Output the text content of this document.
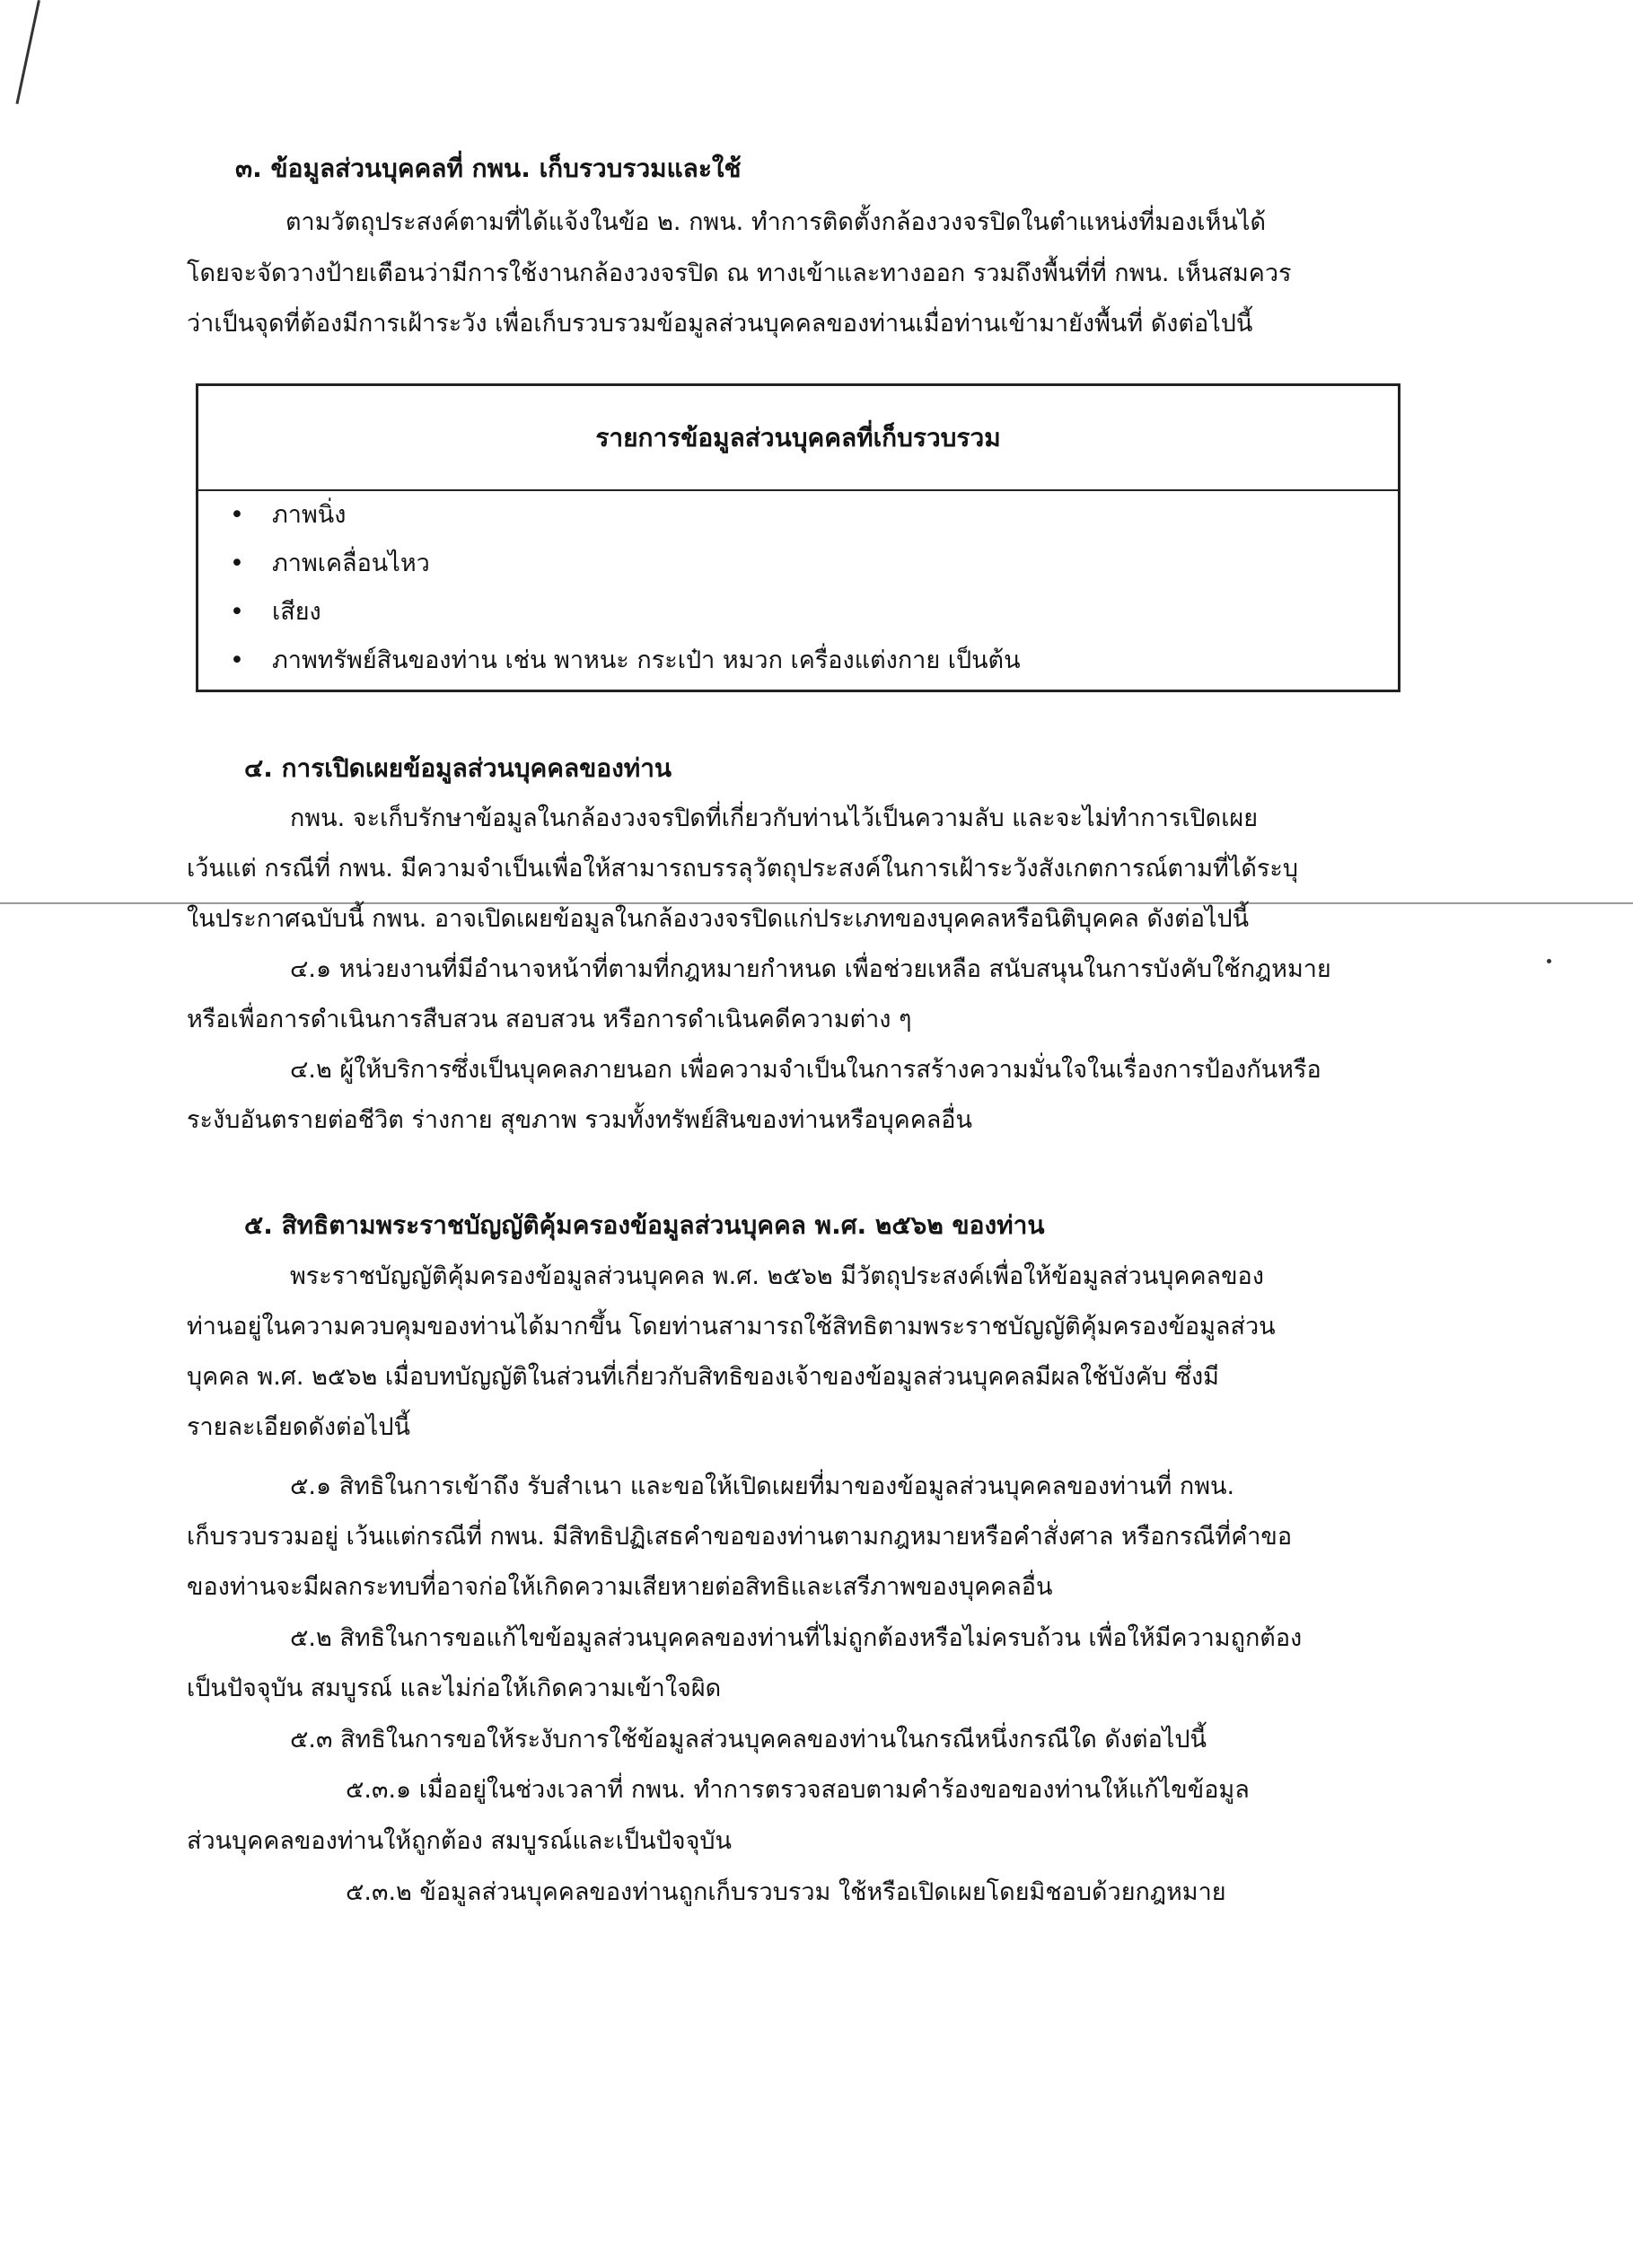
๓. ข้อมูลส่วนบุคคลที่ กพน. เก็บรวบรวมและใช้
ตามวัตถุประสงค์ตามที่ได้แจ้งในข้อ ๒. กพน. ทำการติดตั้งกล้องวงจรปิดในตำแหน่งที่มองเห็นได้
โดยจะจัดวางป้ายเตือนว่ามีการใช้งานกล้องวงจรปิด ณ ทางเข้าและทางออก รวมถึงพื้นที่ที่ กพน. เห็นสมควร
ว่าเป็นจุดที่ต้องมีการเฝ้าระวัง เพื่อเก็บรวบรวมข้อมูลส่วนบุคคลของท่านเมื่อท่านเข้ามายังพื้นที่ ดังต่อไปนี้
รายการข้อมูลส่วนบุคคลที่เก็บรวบรวม
• ภาพนิ่ง
• ภาพเคลื่อนไหว
• เสียง
• ภาพทรัพย์สินของท่าน เช่น พาหนะ กระเป๋า หมวก เครื่องแต่งกาย เป็นต้น
๔. การเปิดเผยข้อมูลส่วนบุคคลของท่าน
กพน. จะเก็บรักษาข้อมูลในกล้องวงจรปิดที่เกี่ยวกับท่านไว้เป็นความลับ และจะไม่ทำการเปิดเผย
เว้นแต่ กรณีที่ กพน. มีความจำเป็นเพื่อให้สามารถบรรลุวัตถุประสงค์ในการเฝ้าระวังสังเกตการณ์ตามที่ได้ระบุ
ในประกาศฉบับนี้ กพน. อาจเปิดเผยข้อมูลในกล้องวงจรปิดแก่ประเภทของบุคคลหรือนิติบุคคล ดังต่อไปนี้
๔.๑ หน่วยงานที่มีอำนาจหน้าที่ตามที่กฎหมายกำหนด เพื่อช่วยเหลือ สนับสนุนในการบังคับใช้กฎหมาย
หรือเพื่อการดำเนินการสืบสวน สอบสวน หรือการดำเนินคดีความต่าง ๆ
๔.๒ ผู้ให้บริการซึ่งเป็นบุคคลภายนอก เพื่อความจำเป็นในการสร้างความมั่นใจในเรื่องการป้องกันหรือ
ระงับอันตรายต่อชีวิต ร่างกาย สุขภาพ รวมทั้งทรัพย์สินของท่านหรือบุคคลอื่น
๕. สิทธิตามพระราชบัญญัติคุ้มครองข้อมูลส่วนบุคคล พ.ศ. ๒๕๖๒ ของท่าน
พระราชบัญญัติคุ้มครองข้อมูลส่วนบุคคล พ.ศ. ๒๕๖๒ มีวัตถุประสงค์เพื่อให้ข้อมูลส่วนบุคคลของ
ท่านอยู่ในความควบคุมของท่านได้มากขึ้น โดยท่านสามารถใช้สิทธิตามพระราชบัญญัติคุ้มครองข้อมูลส่วน
บุคคล พ.ศ. ๒๕๖๒ เมื่อบทบัญญัติในส่วนที่เกี่ยวกับสิทธิของเจ้าของข้อมูลส่วนบุคคลมีผลใช้บังคับ ซึ่งมี
รายละเอียดดังต่อไปนี้
๕.๑ สิทธิในการเข้าถึง รับสำเนา และขอให้เปิดเผยที่มาของข้อมูลส่วนบุคคลของท่านที่ กพน.
เก็บรวบรวมอยู่ เว้นแต่กรณีที่ กพน. มีสิทธิปฏิเสธคำขอของท่านตามกฎหมายหรือคำสั่งศาล หรือกรณีที่คำขอ
ของท่านจะมีผลกระทบที่อาจก่อให้เกิดความเสียหายต่อสิทธิและเสรีภาพของบุคคลอื่น
๕.๒ สิทธิในการขอแก้ไขข้อมูลส่วนบุคคลของท่านที่ไม่ถูกต้องหรือไม่ครบถ้วน เพื่อให้มีความถูกต้อง
เป็นปัจจุบัน สมบูรณ์ และไม่ก่อให้เกิดความเข้าใจผิด
๕.๓ สิทธิในการขอให้ระงับการใช้ข้อมูลส่วนบุคคลของท่านในกรณีหนึ่งกรณีใด ดังต่อไปนี้
๕.๓.๑ เมื่ออยู่ในช่วงเวลาที่ กพน. ทำการตรวจสอบตามคำร้องขอของท่านให้แก้ไขข้อมูล
ส่วนบุคคลของท่านให้ถูกต้อง สมบูรณ์และเป็นปัจจุบัน
๕.๓.๒ ข้อมูลส่วนบุคคลของท่านถูกเก็บรวบรวม ใช้หรือเปิดเผยโดยมิชอบด้วยกฎหมาย
